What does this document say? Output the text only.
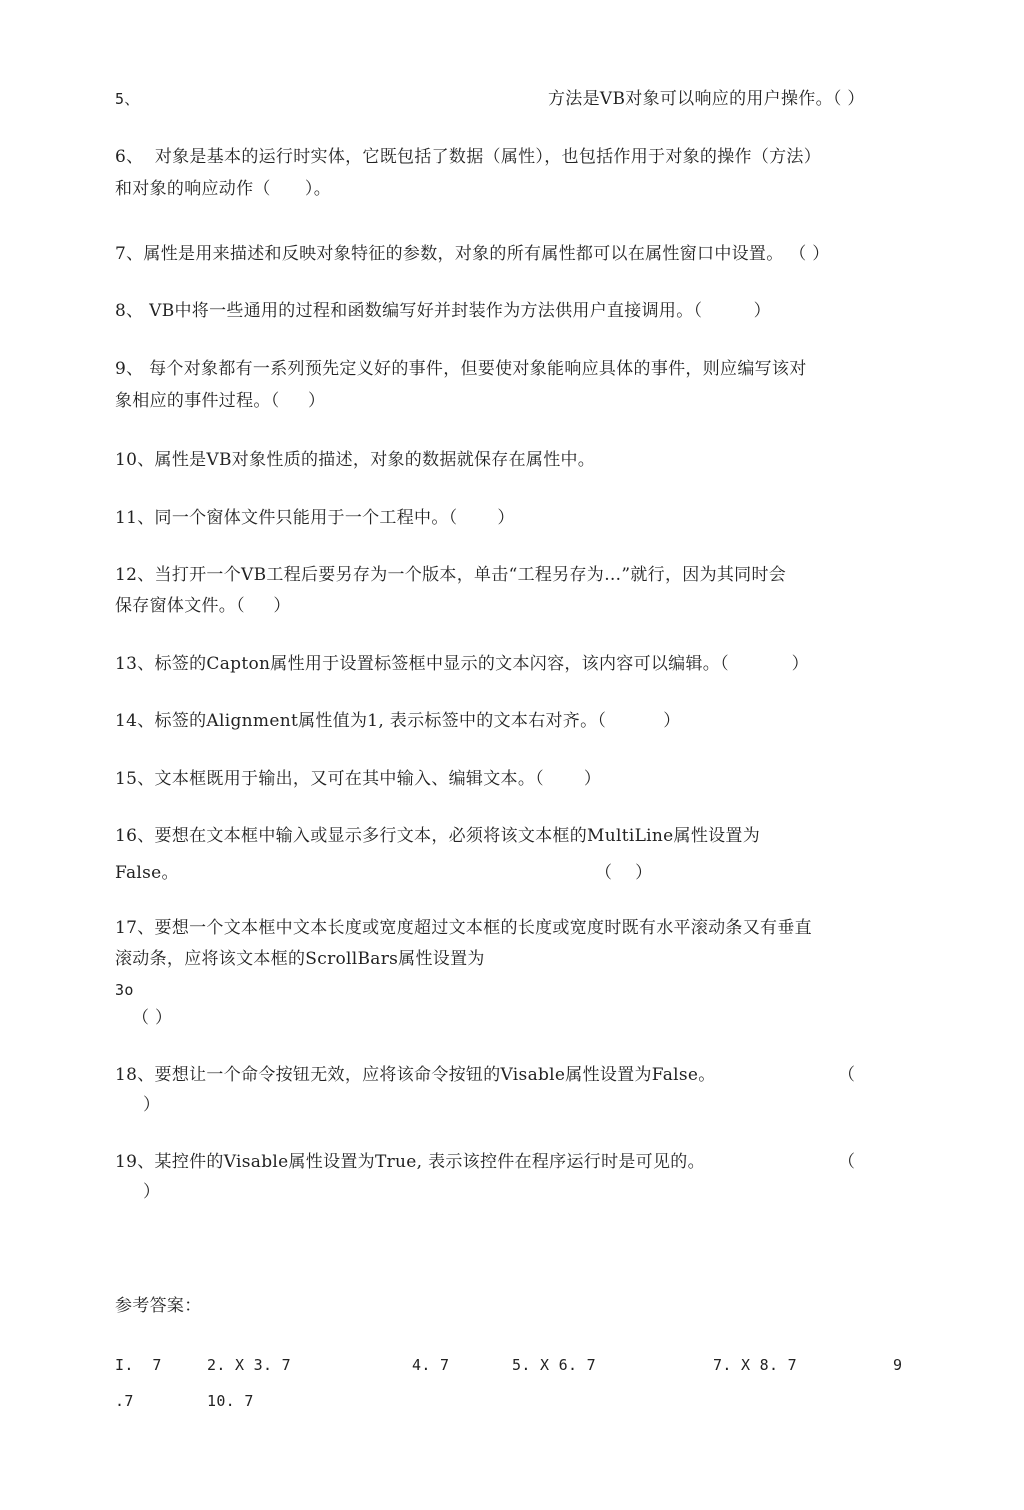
5、	方法是VB对象可以响应的用户操作。（ ）
6、  对象是基本的运行时实体，它既包括了数据（属性），也包括作用于对象的操作（方法）
和对象的响应动作（      ）。
7、属性是用来描述和反映对象特征的参数，对象的所有属性都可以在属性窗口中设置。 （ ）
8、 VB中将一些通用的过程和函数编写好并封装作为方法供用户直接调用。（         ）
9、 每个对象都有一系列预先定义好的事件，但要使对象能响应具体的事件，则应编写该对
象相应的事件过程。（     ）
10、属性是VB对象性质的描述，对象的数据就保存在属性中。
11、同一个窗体文件只能用于一个工程中。（       ）
12、当打开一个VB工程后要另存为一个版本，单击“工程另存为…”就行，因为其同时会
保存窗体文件。（     ）
13、标签的Capton属性用于设置标签框中显示的文本闪容，该内容可以编辑。（           ）
14、标签的Alignment属性值为1, 表示标签中的文本右对齐。（          ）
15、文本框既用于输出，又可在其中输入、编辑文本。（       ）
16、要想在文本框中输入或显示多行文本，必须将该文本框的MultiLine属性设置为
False。	（    ）
17、要想一个文本框中文本长度或宽度超过文本框的长度或宽度时既有水平滚动条又有垂直
滚动条，应将该文本框的ScrollBars属性设置为
3o
（ ）
18、要想让一个命令按钮无效，应将该命令按钮的Visable属性设置为False。	（
）
19、某控件的Visable属性设置为True, 表示该控件在程序运行时是可见的。	（
）
参考答案：
I.  7	2. X 3. 7	4. 7	5. X 6. 7	7. X 8. 7	9
.7	10. 7
